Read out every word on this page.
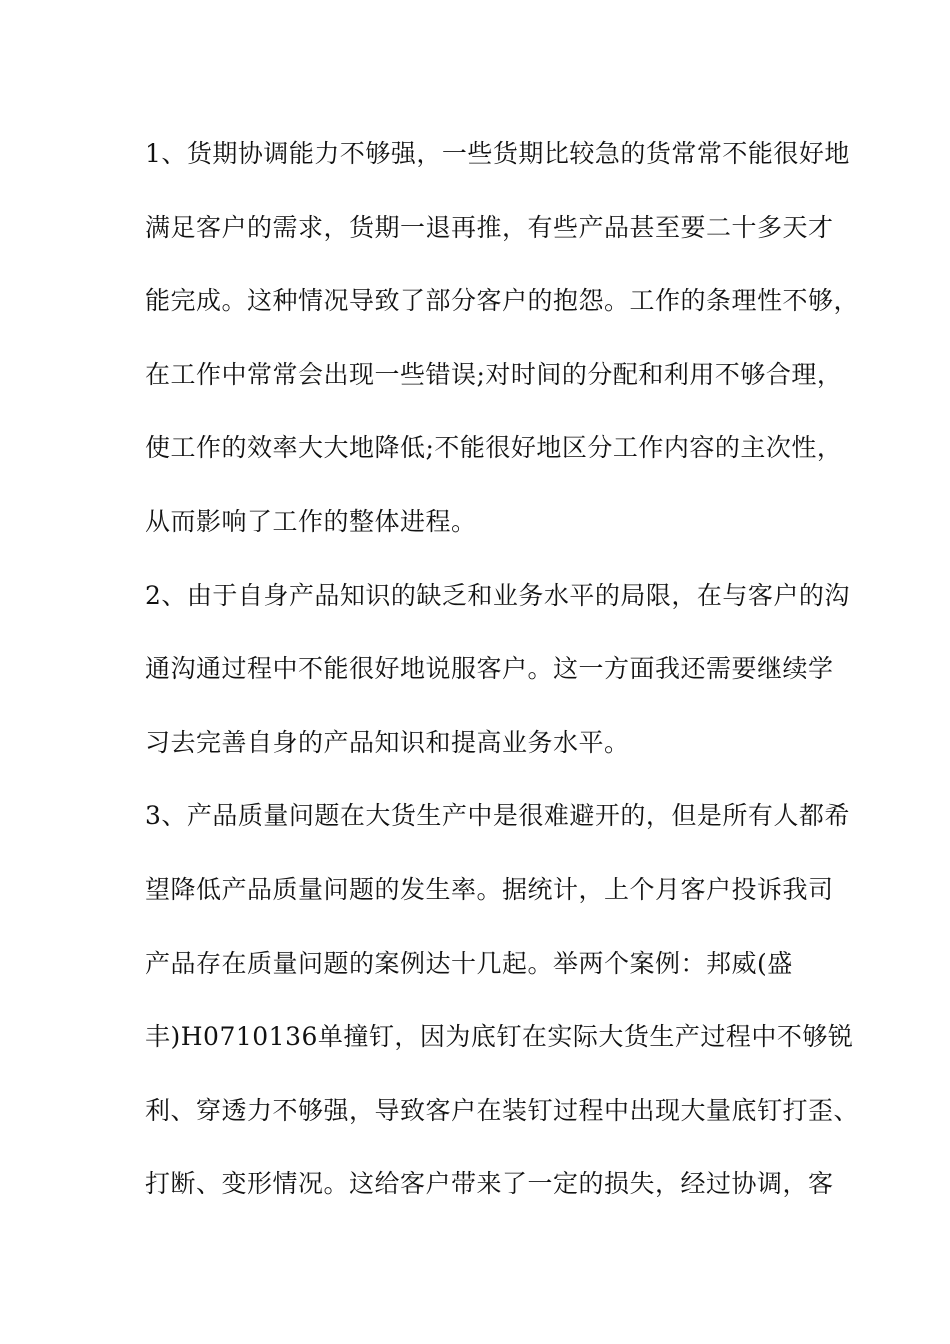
1、货期协调能力不够强，一些货期比较急的货常常不能很好地
满足客户的需求，货期一退再推，有些产品甚至要二十多天才
能完成。这种情况导致了部分客户的抱怨。工作的条理性不够，
在工作中常常会出现一些错误;对时间的分配和利用不够合理，
使工作的效率大大地降低;不能很好地区分工作内容的主次性，
从而影响了工作的整体进程。
2、由于自身产品知识的缺乏和业务水平的局限，在与客户的沟
通沟通过程中不能很好地说服客户。这一方面我还需要继续学
习去完善自身的产品知识和提高业务水平。
3、产品质量问题在大货生产中是很难避开的，但是所有人都希
望降低产品质量问题的发生率。据统计，上个月客户投诉我司
产品存在质量问题的案例达十几起。举两个案例：邦威(盛
丰)H0710136单撞钉，因为底钉在实际大货生产过程中不够锐
利、穿透力不够强，导致客户在装钉过程中出现大量底钉打歪、
打断、变形情况。这给客户带来了一定的损失，经过协调，客
